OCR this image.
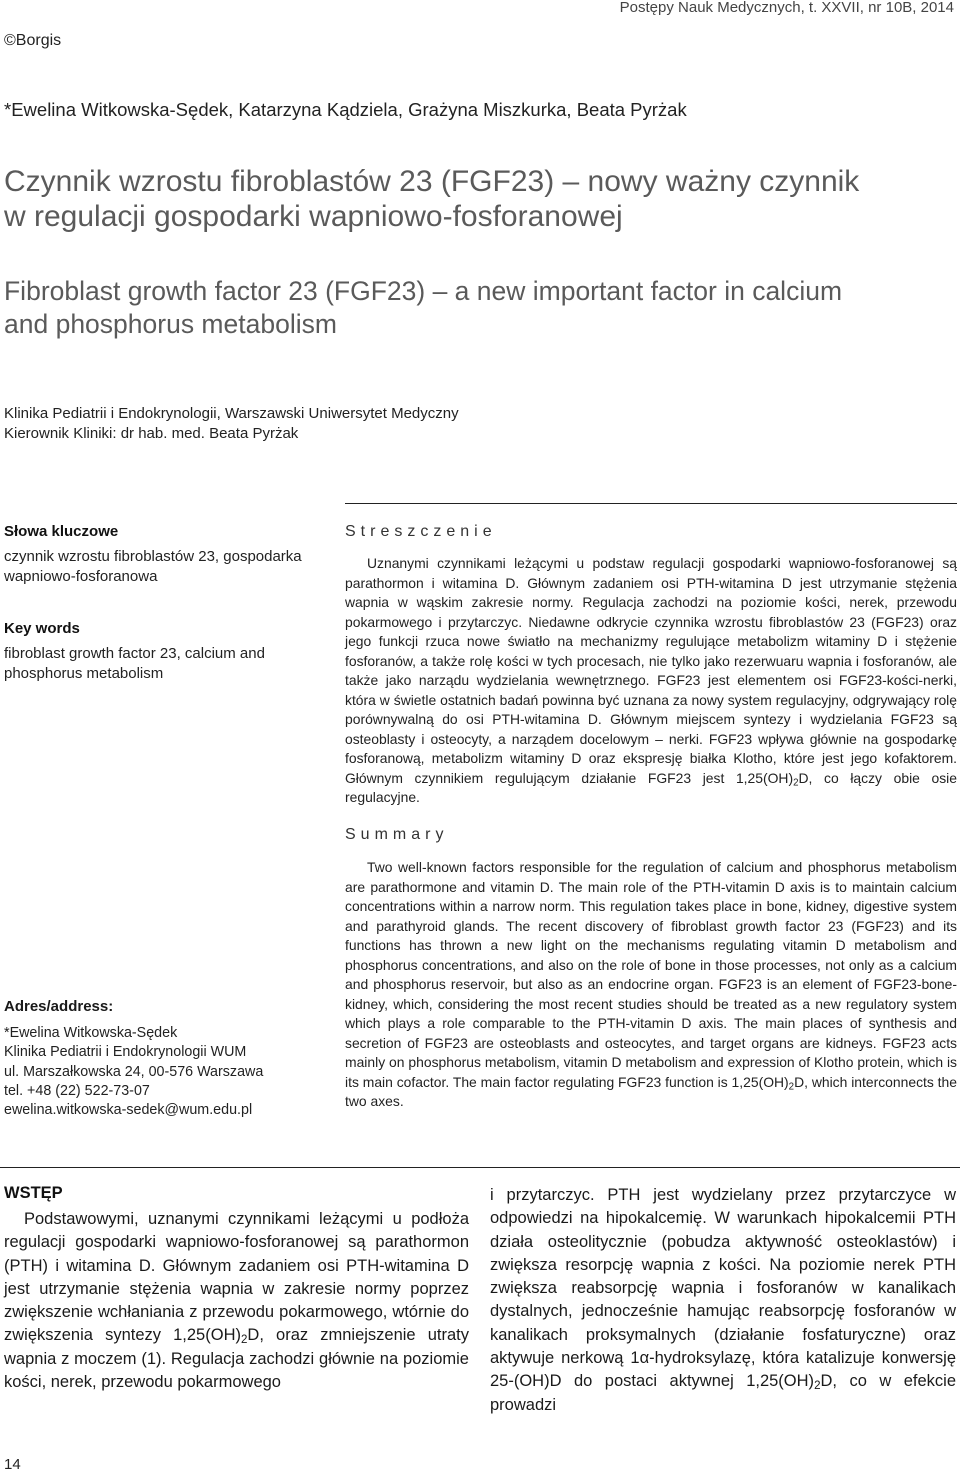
Postępy Nauk Medycznych, t. XXVII, nr 10B, 2014
©Borgis
*Ewelina Witkowska-Sędek, Katarzyna Kądziela, Grażyna Miszkurka, Beata Pyrżak
Czynnik wzrostu fibroblastów 23 (FGF23) – nowy ważny czynnik
w regulacji gospodarki wapniowo-fosforanowej
Fibroblast growth factor 23 (FGF23) – a new important factor in calcium
and phosphorus metabolism
Klinika Pediatrii i Endokrynologii, Warszawski Uniwersytet Medyczny
Kierownik Kliniki: dr hab. med. Beata Pyrżak
Słowa kluczowe
czynnik wzrostu fibroblastów 23, gospodarka wapniowo-fosforanowa
Key words
fibroblast growth factor 23, calcium and phosphorus metabolism
Streszczenie
Uznanymi czynnikami leżącymi u podstaw regulacji gospodarki wapniowo-fosforanowej są parathormon i witamina D. Głównym zadaniem osi PTH-witamina D jest utrzymanie stężenia wapnia w wąskim zakresie normy. Regulacja zachodzi na poziomie kości, nerek, przewodu pokarmowego i przytarczyc. Niedawne odkrycie czynnika wzrostu fibroblastów 23 (FGF23) oraz jego funkcji rzuca nowe światło na mechanizmy regulujące metabolizm witaminy D i stężenie fosforanów, a także rolę kości w tych procesach, nie tylko jako rezerwuaru wapnia i fosforanów, ale także jako narządu wydzielania wewnętrznego. FGF23 jest elementem osi FGF23-kości-nerki, która w świetle ostatnich badań powinna być uznana za nowy system regulacyjny, odgrywający rolę porównywalną do osi PTH-witamina D. Głównym miejscem syntezy i wydzielania FGF23 są osteoblasty i osteocyty, a narządem docelowym – nerki. FGF23 wpływa głównie na gospodarkę fosforanową, metabolizm witaminy D oraz ekspresję białka Klotho, które jest jego kofaktorem. Głównym czynnikiem regulującym działanie FGF23 jest $1,25(OH)_2D$, co łączy obie osie regulacyjne.
Summary
Two well-known factors responsible for the regulation of calcium and phosphorus metabolism are parathormone and vitamin D. The main role of the PTH-vitamin D axis is to maintain calcium concentrations within a narrow norm. This regulation takes place in bone, kidney, digestive system and parathyroid glands. The recent discovery of fibroblast growth factor 23 (FGF23) and its functions has thrown a new light on the mechanisms regulating vitamin D metabolism and phosphorus concentrations, and also on the role of bone in those processes, not only as a calcium and phosphorus reservoir, but also as an endocrine organ. FGF23 is an element of FGF23-bone-kidney, which, considering the most recent studies should be treated as a new regulatory system which plays a role comparable to the PTH-vitamin D axis. The main places of synthesis and secretion of FGF23 are osteoblasts and osteocytes, and target organs are kidneys. FGF23 acts mainly on phosphorus metabolism, vitamin D metabolism and expression of Klotho protein, which is its main cofactor. The main factor regulating FGF23 function is $1,25(OH)_2D$, which interconnects the two axes.
Adres/address:
*Ewelina Witkowska-Sędek
Klinika Pediatrii i Endokrynologii WUM
ul. Marszałkowska 24, 00-576 Warszawa
tel. +48 (22) 522-73-07
ewelina.witkowska-sedek@wum.edu.pl
WSTĘP
Podstawowymi, uznanymi czynnikami leżącymi u podłoża regulacji gospodarki wapniowo-fosforanowej są parathormon (PTH) i witamina D. Głównym zadaniem osi PTH-witamina D jest utrzymanie stężenia wapnia w zakresie normy poprzez zwiększenie wchłaniania z przewodu pokarmowego, wtórnie do zwiększenia syntezy $1,25(OH)_2D$, oraz zmniejszenie utraty wapnia z moczem (1). Regulacja zachodzi głównie na poziomie kości, nerek, przewodu pokarmowego
i przytarczyc. PTH jest wydzielany przez przytarczyce w odpowiedzi na hipokalcemię. W warunkach hipokalcemii PTH działa osteolitycznie (pobudza aktywność osteoklastów) i zwiększa resorpcję wapnia z kości. Na poziomie nerek PTH zwiększa reabsorpcję wapnia i fosforanów w kanalikach dystalnych, jednocześnie hamując reabsorpcję fosforanów w kanalikach proksymalnych (działanie fosfaturyczne) oraz aktywuje nerkową 1α-hydroksylazę, która katalizuje konwersję 25-(OH)D do postaci aktywnej $1,25(OH)_2D$, co w efekcie prowadzi
14
